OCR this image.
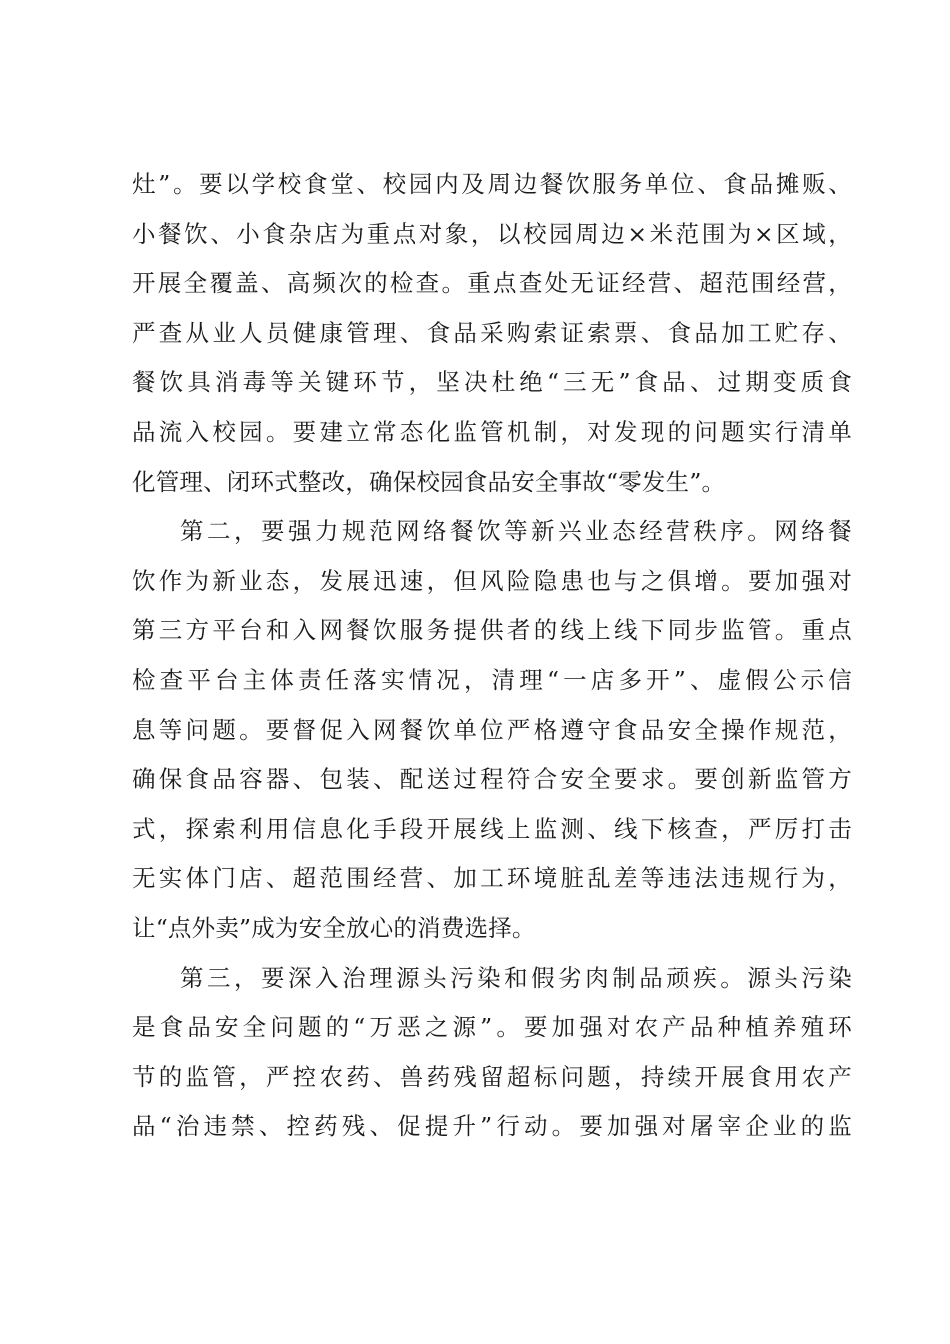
灶”。要以学校食堂、校园内及周边餐饮服务单位、食品摊贩、
小餐饮、小食杂店为重点对象，以校园周边×米范围为×区域，
开展全覆盖、高频次的检查。重点查处无证经营、超范围经营，
严查从业人员健康管理、食品采购索证索票、食品加工贮存、
餐饮具消毒等关键环节，坚决杜绝“三无”食品、过期变质食
品流入校园。要建立常态化监管机制，对发现的问题实行清单
化管理、闭环式整改，确保校园食品安全事故“零发生”。
第二，要强力规范网络餐饮等新兴业态经营秩序。网络餐
饮作为新业态，发展迅速，但风险隐患也与之俱增。要加强对
第三方平台和入网餐饮服务提供者的线上线下同步监管。重点
检查平台主体责任落实情况，清理“一店多开”、虚假公示信
息等问题。要督促入网餐饮单位严格遵守食品安全操作规范，
确保食品容器、包装、配送过程符合安全要求。要创新监管方
式，探索利用信息化手段开展线上监测、线下核查，严厉打击
无实体门店、超范围经营、加工环境脏乱差等违法违规行为，
让“点外卖”成为安全放心的消费选择。
第三，要深入治理源头污染和假劣肉制品顽疾。源头污染
是食品安全问题的“万恶之源”。要加强对农产品种植养殖环
节的监管，严控农药、兽药残留超标问题，持续开展食用农产
品“治违禁、控药残、促提升”行动。要加强对屠宰企业的监
